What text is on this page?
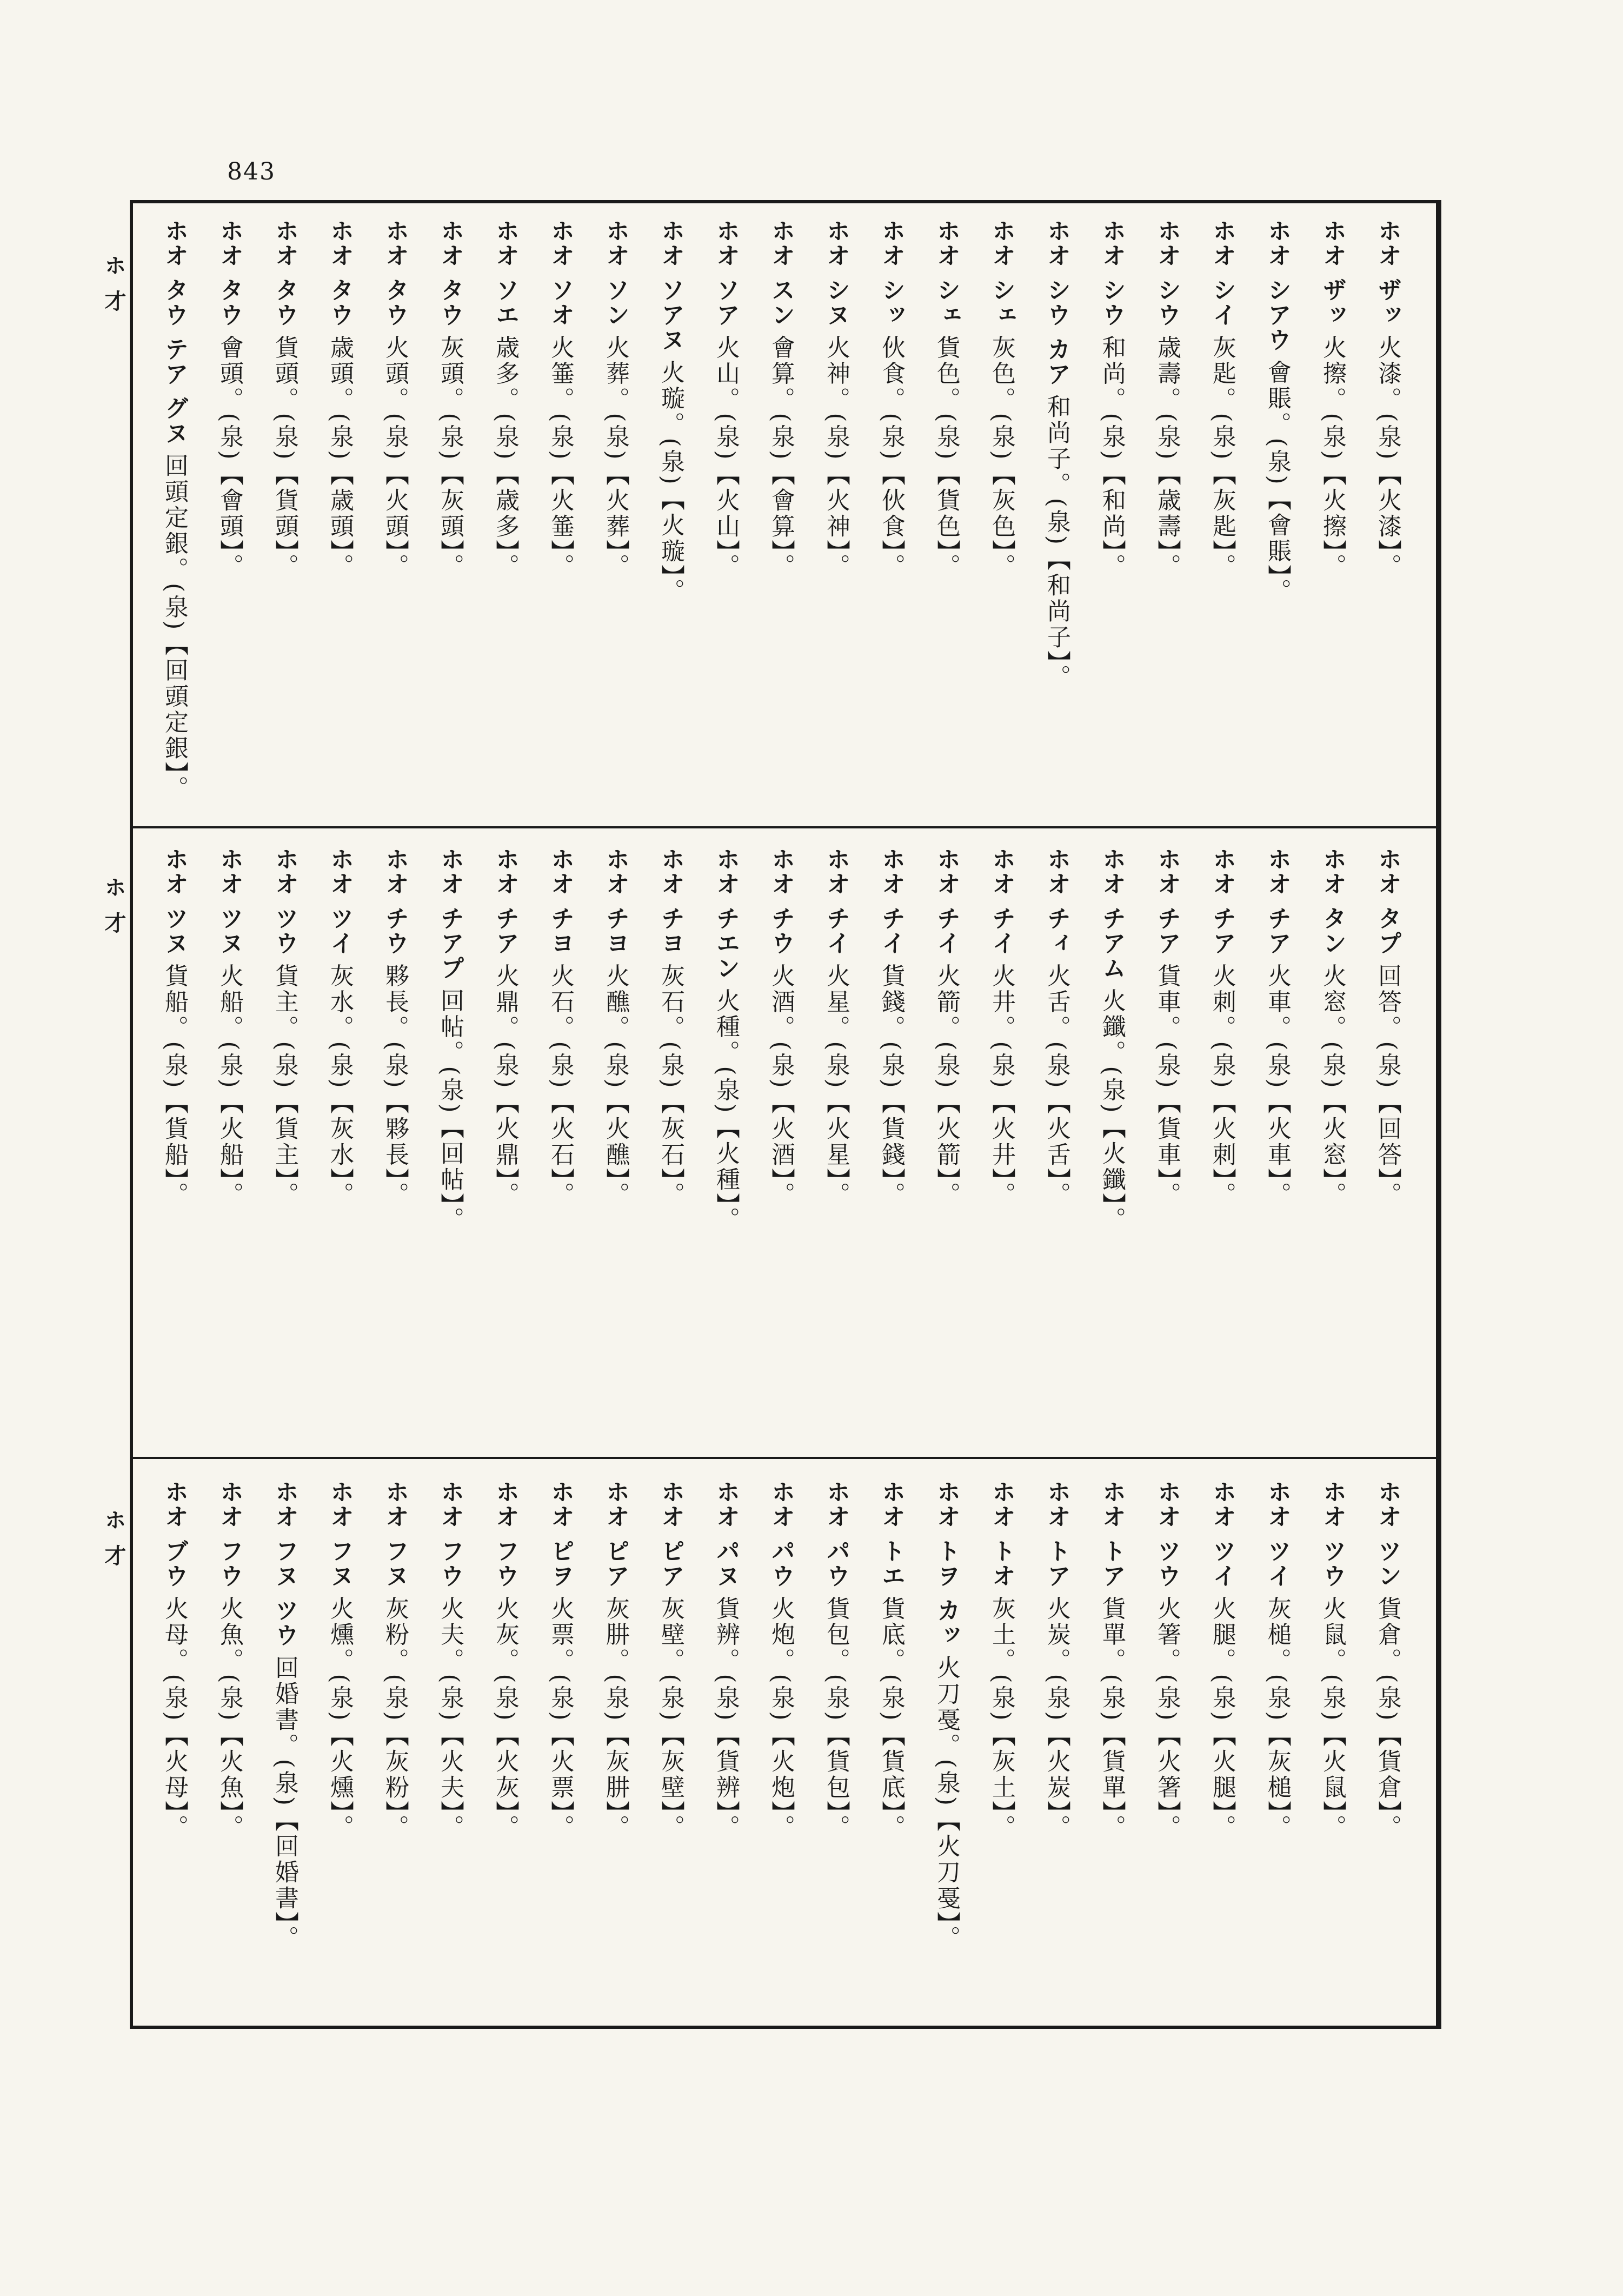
843
ホ 才
ホ 才
ホ 才
ホオ ザッ 火漆。(泉)【火漆】。
ホオ ザッ 火擦。(泉)【火擦】。
ホオ シアウ 會賬。(泉)【會賬】。
ホオ シイ 灰匙。(泉)【灰匙】。
ホオ シウ 歳壽。(泉)【歳壽】。
ホオ シウ 和尚。(泉)【和尚】。
ホオ シウ カア 和尚子。(泉)【和尚子】。
ホオ シェ 灰色。(泉)【灰色】。
ホオ シェ 貨色。(泉)【貨色】。
ホオ シッ 伙食。(泉)【伙食】。
ホオ シヌ 火神。(泉)【火神】。
ホオ スン 會算。(泉)【會算】。
ホオ ソア 火山。(泉)【火山】。
ホオ ソアヌ 火璇。(泉)【火璇】。
ホオ ソン 火葬。(泉)【火葬】。
ホオ ソオ 火箠。(泉)【火箠】。
ホオ ソエ 歳多。(泉)【歳多】。
ホオ タウ 灰頭。(泉)【灰頭】。
ホオ タウ 火頭。(泉)【火頭】。
ホオ タウ 歳頭。(泉)【歳頭】。
ホオ タウ 貨頭。(泉)【貨頭】。
ホオ タウ 會頭。(泉)【會頭】。
ホオ タウ テア グヌ 回頭定銀。(泉)【回頭定銀】。
ホオ タプ 回答。(泉)【回答】。
ホオ タン 火窓。(泉)【火窓】。
ホオ チア 火車。(泉)【火車】。
ホオ チア 火刺。(泉)【火刺】。
ホオ チア 貨車。(泉)【貨車】。
ホオ チアム 火鑯。(泉)【火鑯】。
ホオ チィ 火舌。(泉)【火舌】。
ホオ チイ 火井。(泉)【火井】。
ホオ チイ 火箭。(泉)【火箭】。
ホオ チイ 貨錢。(泉)【貨錢】。
ホオ チイ 火星。(泉)【火星】。
ホオ チウ 火酒。(泉)【火酒】。
ホオ チエン 火種。(泉)【火種】。
ホオ チヨ 灰石。(泉)【灰石】。
ホオ チヨ 火醮。(泉)【火醮】。
ホオ チヨ 火石。(泉)【火石】。
ホオ チア 火鼎。(泉)【火鼎】。
ホオ チアプ 回帖。(泉)【回帖】。
ホオ チウ 夥長。(泉)【夥長】。
ホオ ツイ 灰水。(泉)【灰水】。
ホオ ツウ 貨主。(泉)【貨主】。
ホオ ツヌ 火船。(泉)【火船】。
ホオ ツヌ 貨船。(泉)【貨船】。
ホオ ツン 貨倉。(泉)【貨倉】。
ホオ ツウ 火鼠。(泉)【火鼠】。
ホオ ツイ 灰槌。(泉)【灰槌】。
ホオ ツイ 火腿。(泉)【火腿】。
ホオ ツウ 火箸。(泉)【火箸】。
ホオ トア 貨單。(泉)【貨單】。
ホオ トア 火炭。(泉)【火炭】。
ホオ トオ 灰土。(泉)【灰土】。
ホオ トヲ カッ 火刀戞。(泉)【火刀戞】。
ホオ トエ 貨底。(泉)【貨底】。
ホオ パウ 貨包。(泉)【貨包】。
ホオ パウ 火炮。(泉)【火炮】。
ホオ パヌ 貨辨。(泉)【貨辨】。
ホオ ピア 灰壁。(泉)【灰壁】。
ホオ ピア 灰肼。(泉)【灰肼】。
ホオ ピヲ 火票。(泉)【火票】。
ホオ フウ 火灰。(泉)【火灰】。
ホオ フウ 火夫。(泉)【火夫】。
ホオ フヌ 灰粉。(泉)【灰粉】。
ホオ フヌ 火燻。(泉)【火燻】。
ホオ フヌ ツウ 回婚書。(泉)【回婚書】。
ホオ フウ 火魚。(泉)【火魚】。
ホオ ブウ 火母。(泉)【火母】。
